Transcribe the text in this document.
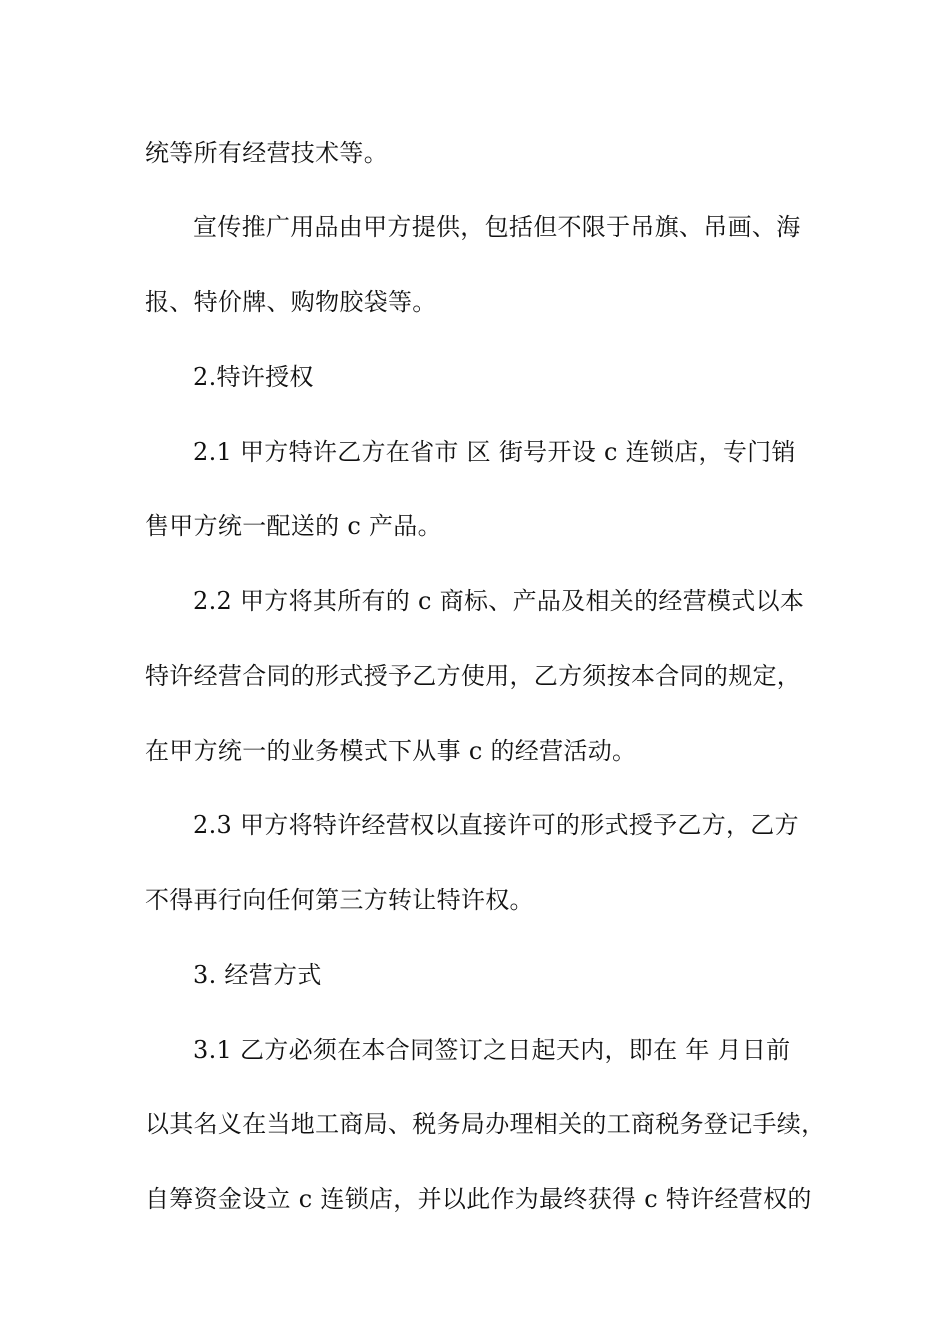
统等所有经营技术等。
宣传推广用品由甲方提供，包括但不限于吊旗、吊画、海
报、特价牌、购物胶袋等。
2.特许授权
2.1 甲方特许乙方在省市 区 街号开设 c 连锁店，专门销
售甲方统一配送的 c 产品。
2.2 甲方将其所有的 c 商标、产品及相关的经营模式以本
特许经营合同的形式授予乙方使用，乙方须按本合同的规定，
在甲方统一的业务模式下从事 c 的经营活动。
2.3 甲方将特许经营权以直接许可的形式授予乙方，乙方
不得再行向任何第三方转让特许权。
3. 经营方式
3.1 乙方必须在本合同签订之日起天内，即在 年 月日前
以其名义在当地工商局、税务局办理相关的工商税务登记手续，
自筹资金设立 c 连锁店，并以此作为最终获得 c 特许经营权的
